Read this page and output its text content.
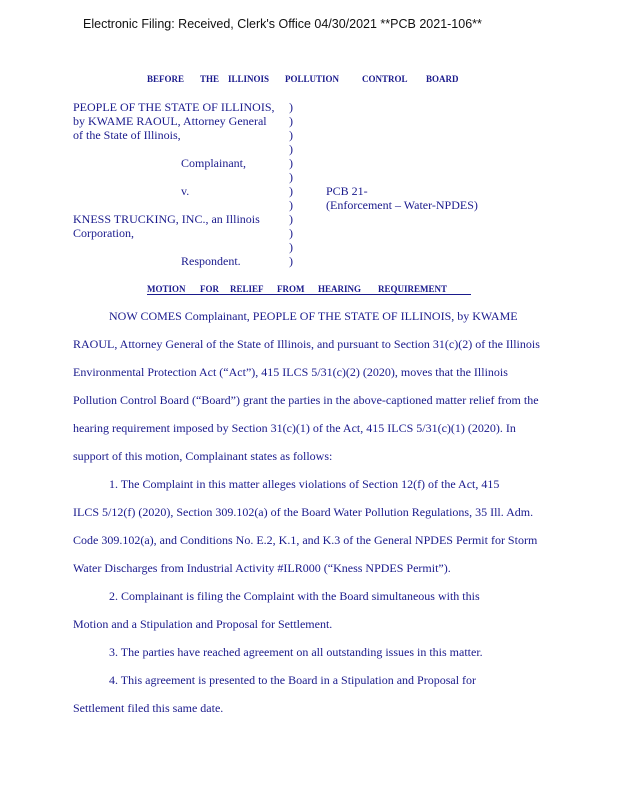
Electronic Filing: Received, Clerk's Office 04/30/2021 **PCB 2021-106**
BEFORE THE ILLINOIS POLLUTION	CONTROL BOARD
PEOPLE OF THE STATE OF ILLINOIS,
by KWAME RAOUL, Attorney General
of the State of Illinois,
Complainant,
v.
KNESS TRUCKING, INC., an Illinois
Corporation,
Respondent.
)
)
)
)
)
)
)
)
)
)
)
)
PCB 21-
(Enforcement – Water-NPDES)
MOTION FOR RELIEF FROM HEARING REQUIREMENT
NOW COMES Complainant, PEOPLE OF THE STATE OF ILLINOIS, by KWAME
RAOUL, Attorney General of the State of Illinois, and pursuant to Section 31(c)(2) of the Illinois
Environmental Protection Act (“Act”), 415 ILCS 5/31(c)(2) (2020), moves that the Illinois
Pollution Control Board (“Board”) grant the parties in the above-captioned matter relief from the
hearing requirement imposed by Section 31(c)(1) of the Act, 415 ILCS 5/31(c)(1) (2020). In
support of this motion, Complainant states as follows:
1. The Complaint in this matter alleges violations of Section 12(f) of the Act, 415
ILCS 5/12(f) (2020), Section 309.102(a) of the Board Water Pollution Regulations, 35 Ill. Adm.
Code 309.102(a), and Conditions No. E.2, K.1, and K.3 of the General NPDES Permit for Storm
Water Discharges from Industrial Activity #ILR000 (“Kness NPDES Permit”).
2. Complainant is filing the Complaint with the Board simultaneous with this
Motion and a Stipulation and Proposal for Settlement.
3. The parties have reached agreement on all outstanding issues in this matter.
4. This agreement is presented to the Board in a Stipulation and Proposal for
Settlement filed this same date.
